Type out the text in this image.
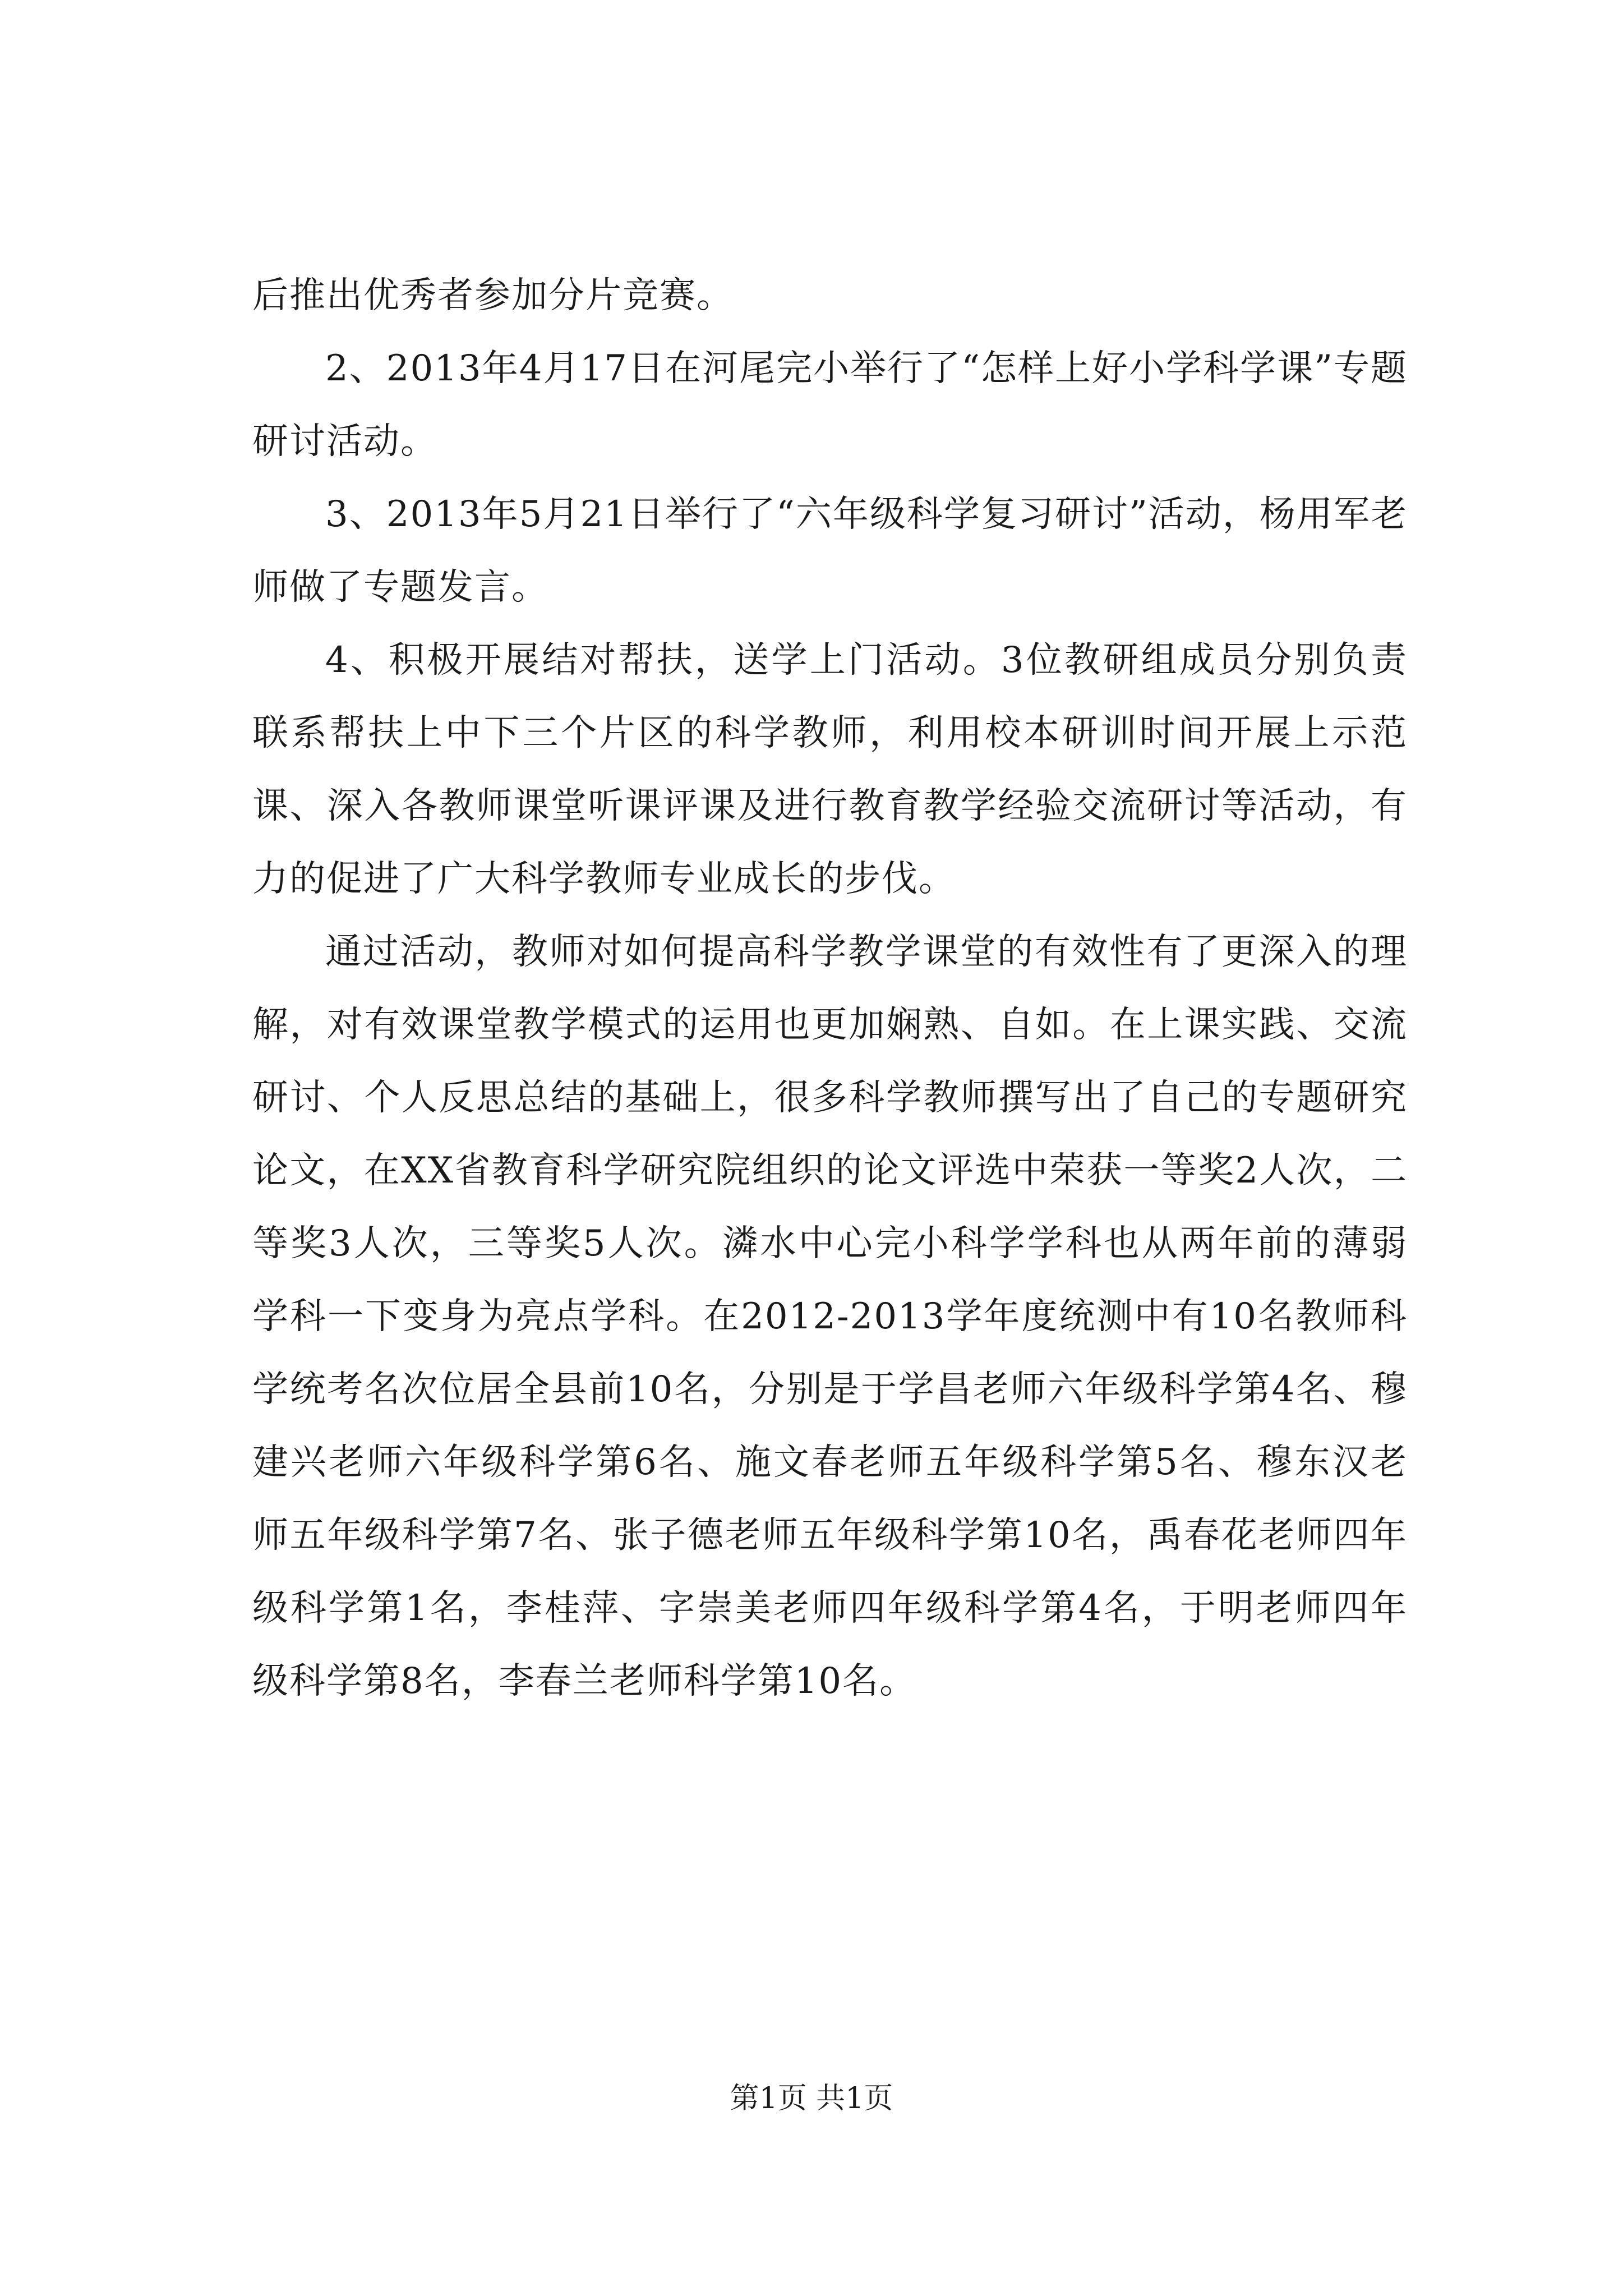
后推出优秀者参加分片竞赛。

2、2013年4月17日在河尾完小举行了“怎样上好小学科学课”专题研讨活动。

3、2013年5月21日举行了“六年级科学复习研讨”活动，杨用军老师做了专题发言。

4、积极开展结对帮扶，送学上门活动。3位教研组成员分别负责联系帮扶上中下三个片区的科学教师，利用校本研训时间开展上示范课、深入各教师课堂听课评课及进行教育教学经验交流研讨等活动，有力的促进了广大科学教师专业成长的步伐。

通过活动，教师对如何提高科学教学课堂的有效性有了更深入的理解，对有效课堂教学模式的运用也更加娴熟、自如。在上课实践、交流研讨、个人反思总结的基础上，很多科学教师撰写出了自己的专题研究论文，在XX省教育科学研究院组织的论文评选中荣获一等奖2人次，二等奖3人次，三等奖5人次。潾水中心完小科学学科也从两年前的薄弱学科一下变身为亮点学科。在2012-2013学年度统测中有10名教师科学统考名次位居全县前10名，分别是于学昌老师六年级科学第4名、穆建兴老师六年级科学第6名、施文春老师五年级科学第5名、穆东汉老师五年级科学第7名、张子德老师五年级科学第10名，禹春花老师四年级科学第1名，李桂萍、字崇美老师四年级科学第4名，于明老师四年级科学第8名，李春兰老师科学第10名。

第1页 共1页
